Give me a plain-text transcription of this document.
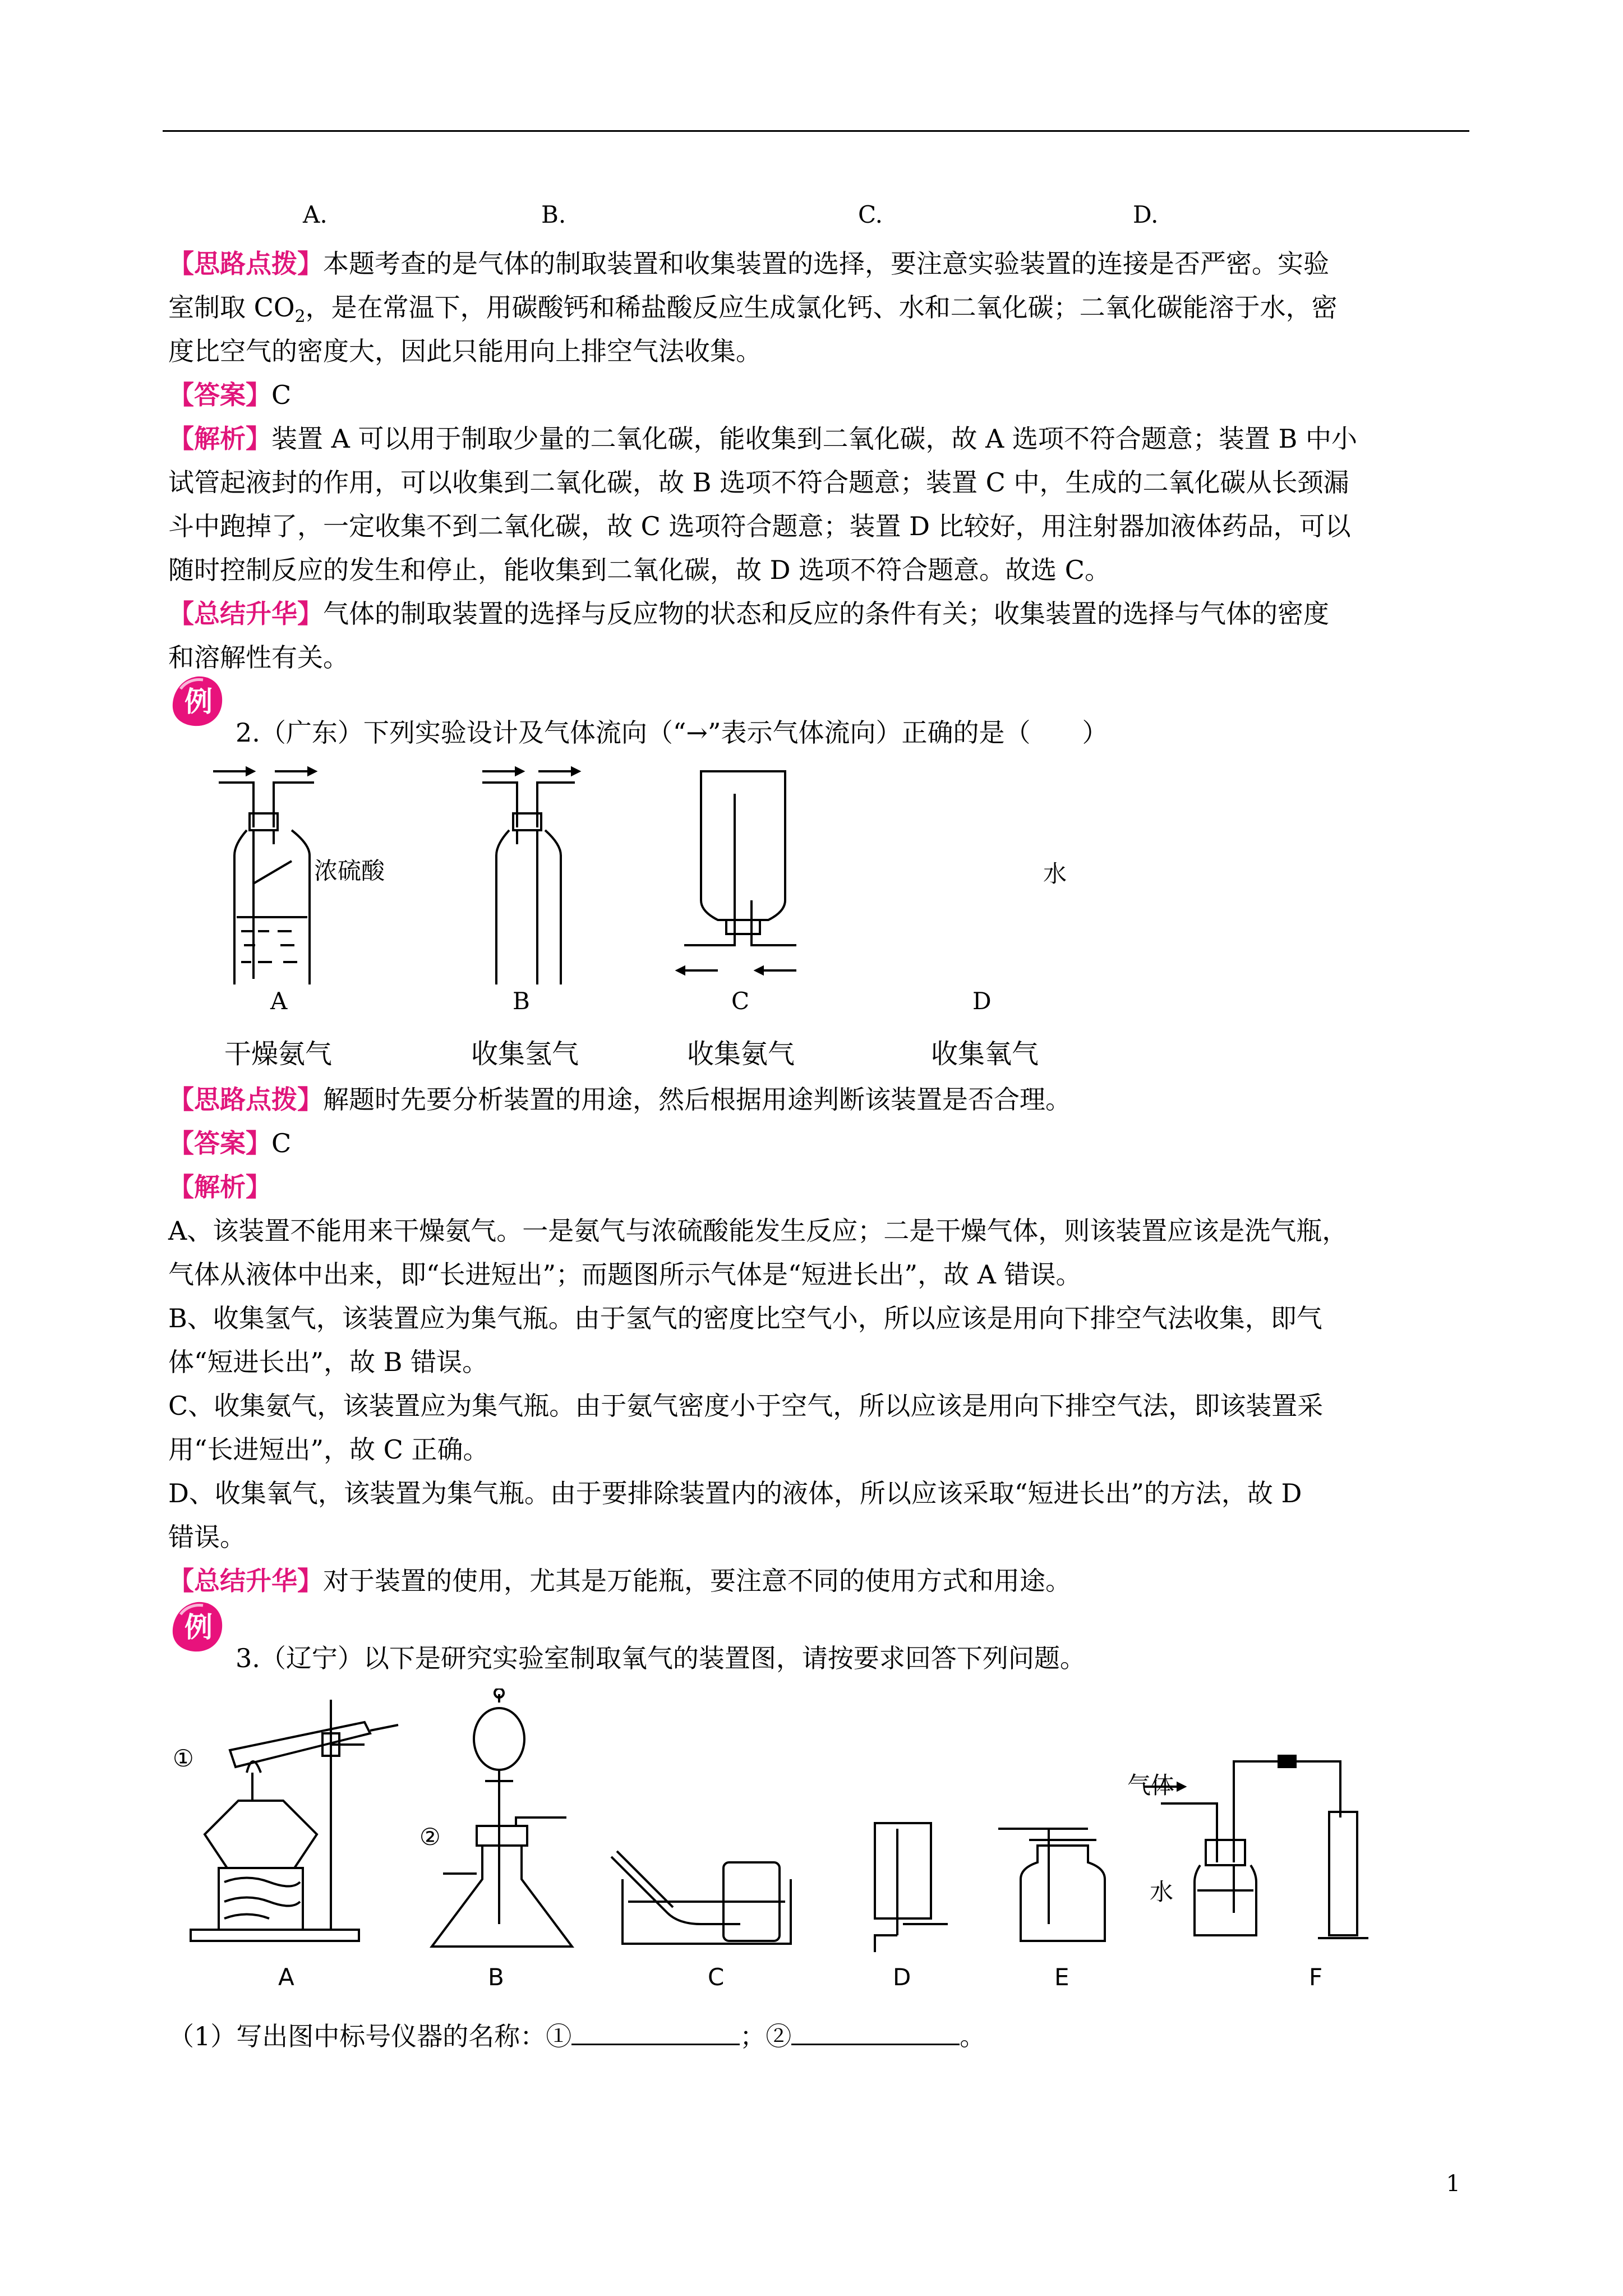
A.	B.	C.	D.
【思路点拨】本题考查的是气体的制取装置和收集装置的选择，要注意实验装置的连接是否严密。实验
室制取 $CO_2$，是在常温下，用碳酸钙和稀盐酸反应生成氯化钙、水和二氧化碳；二氧化碳能溶于水，密
度比空气的密度大，因此只能用向上排空气法收集。
【答案】C
【解析】装置 A 可以用于制取少量的二氧化碳，能收集到二氧化碳，故 A 选项不符合题意；装置 B 中小
试管起液封的作用，可以收集到二氧化碳，故 B 选项不符合题意；装置 C 中，生成的二氧化碳从长颈漏
斗中跑掉了，一定收集不到二氧化碳，故 C 选项符合题意；装置 D 比较好，用注射器加液体药品，可以
随时控制反应的发生和停止，能收集到二氧化碳，故 D 选项不符合题意。故选 C。
【总结升华】气体的制取装置的选择与反应物的状态和反应的条件有关；收集装置的选择与气体的密度
和溶解性有关。
例
2.（广东）下列实验设计及气体流向（“→”表示气体流向）正确的是（　　）
浓硫酸	水
A	B	C	D
干燥氨气	收集氢气	收集氨气	收集氧气
【思路点拨】解题时先要分析装置的用途，然后根据用途判断该装置是否合理。
【答案】C
【解析】
A、该装置不能用来干燥氨气。一是氨气与浓硫酸能发生反应；二是干燥气体，则该装置应该是洗气瓶，
气体从液体中出来，即“长进短出”；而题图所示气体是“短进长出”，故 A 错误。
B、收集氢气，该装置应为集气瓶。由于氢气的密度比空气小，所以应该是用向下排空气法收集，即气
体“短进长出”，故 B 错误。
C、收集氨气，该装置应为集气瓶。由于氨气密度小于空气，所以应该是用向下排空气法，即该装置采
用“长进短出”，故 C 正确。
D、收集氧气，该装置为集气瓶。由于要排除装置内的液体，所以应该采取“短进长出”的方法，故 D
错误。
【总结升华】对于装置的使用，尤其是万能瓶，要注意不同的使用方式和用途。
例
3.（辽宁）以下是研究实验室制取氧气的装置图，请按要求回答下列问题。
①
②
气体
水
A	B	C	D	E	F
（1）写出图中标号仪器的名称：①	；②	。
1
